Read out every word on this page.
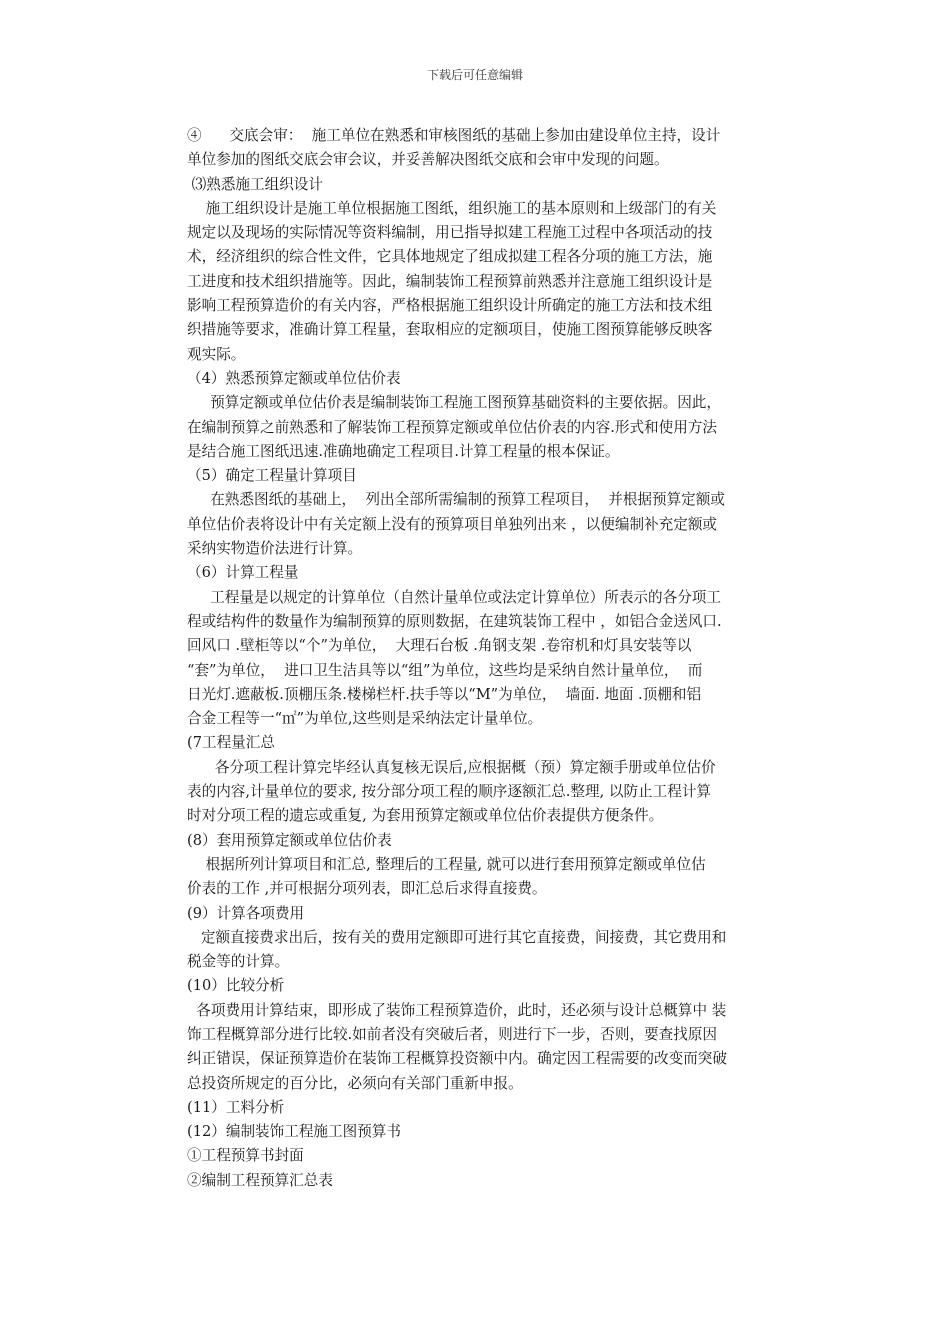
下载后可任意编辑

④      交底会审：  施工单位在熟悉和审核图纸的基础上参加由建设单位主持，设计

单位参加的图纸交底会审会议，并妥善解决图纸交底和会审中发现的问题。

⑶熟悉施工组织设计

施工组织设计是施工单位根据施工图纸，组织施工的基本原则和上级部门的有关

规定以及现场的实际情况等资料编制，用已指导拟建工程施工过程中各项活动的技

术，经济组织的综合性文件，它具体地规定了组成拟建工程各分项的施工方法，施

工进度和技术组织措施等。因此，编制装饰工程预算前熟悉并注意施工组织设计是

影响工程预算造价的有关内容，严格根据施工组织设计所确定的施工方法和技术组

织措施等要求，准确计算工程量，套取相应的定额项目，使施工图预算能够反映客

观实际。

（4）熟悉预算定额或单位估价表

预算定额或单位估价表是编制装饰工程施工图预算基础资料的主要依据。因此，

在编制预算之前熟悉和了解装饰工程预算定额或单位估价表的内容.形式和使用方法

是结合施工图纸迅速.准确地确定工程项目.计算工程量的根本保证。

（5）确定工程量计算项目

在熟悉图纸的基础上，  列出全部所需编制的预算工程项目，  并根据预算定额或

单位估价表将设计中有关定额上没有的预算项目单独列出来 ，以便编制补充定额或

采纳实物造价法进行计算。

（6）计算工程量

工程量是以规定的计算单位（自然计量单位或法定计算单位）所表示的各分项工

程或结构件的数量作为编制预算的原则数据，在建筑装饰工程中 ，如铝合金送风口.

回风口 .壁柜等以“个”为单位，  大理石台板 .角钢支架 .卷帘机和灯具安装等以

“套”为单位，  进口卫生洁具等以“组”为单位，这些均是采纳自然计量单位，  而

日光灯.遮蔽板.顶棚压条.楼梯栏杆.扶手等以“M”为单位，  墙面. 地面 .顶棚和铝

合金工程等一“㎡”为单位,这些则是采纳法定计量单位。

(7工程量汇总

各分项工程计算完毕经认真复核无误后,应根据概（预）算定额手册或单位估价

表的内容,计量单位的要求, 按分部分项工程的顺序逐额汇总.整理, 以防止工程计算

时对分项工程的遗忘或重复, 为套用预算定额或单位估价表提供方便条件。

(8）套用预算定额或单位估价表

根据所列计算项目和汇总, 整理后的工程量, 就可以进行套用预算定额或单位估

价表的工作 ,并可根据分项列表，即汇总后求得直接费。

(9）计算各项费用

定额直接费求出后，按有关的费用定额即可进行其它直接费，间接费，其它费用和

税金等的计算。

(10）比较分析

各项费用计算结束，即形成了装饰工程预算造价，此时，还必须与设计总概算中 装

饰工程概算部分进行比较.如前者没有突破后者，则进行下一步，否则，要查找原因

纠正错误，保证预算造价在装饰工程概算投资额中内。确定因工程需要的改变而突破

总投资所规定的百分比，必须向有关部门重新申报。

(11）工料分析

(12）编制装饰工程施工图预算书

①工程预算书封面

②编制工程预算汇总表
